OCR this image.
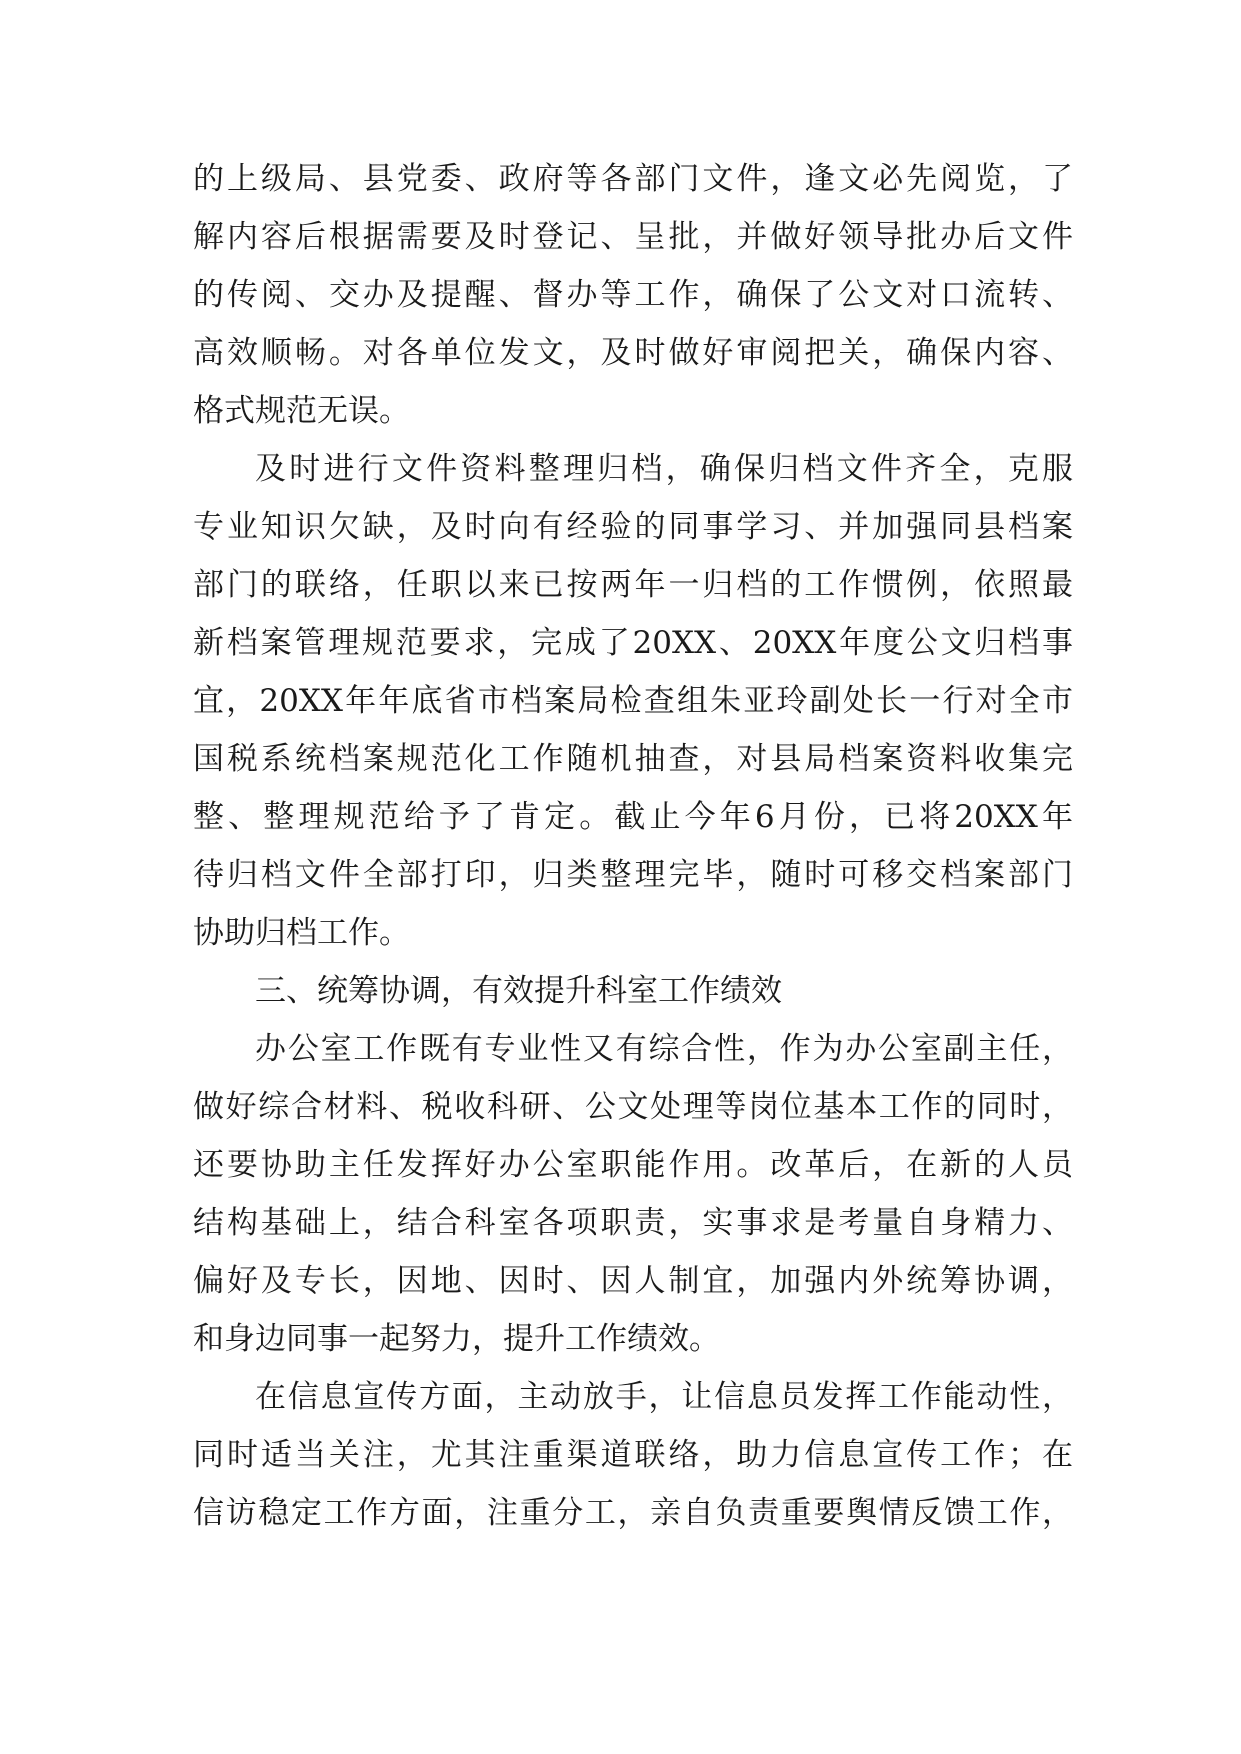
的上级局、县党委、政府等各部门文件，逢文必先阅览，了
解内容后根据需要及时登记、呈批，并做好领导批办后文件
的传阅、交办及提醒、督办等工作，确保了公文对口流转、
高效顺畅。对各单位发文，及时做好审阅把关，确保内容、
格式规范无误。
及时进行文件资料整理归档，确保归档文件齐全，克服
专业知识欠缺，及时向有经验的同事学习、并加强同县档案
部门的联络，任职以来已按两年一归档的工作惯例，依照最
新档案管理规范要求，完成了20XX、20XX年度公文归档事
宜，20XX年年底省市档案局检查组朱亚玲副处长一行对全市
国税系统档案规范化工作随机抽查，对县局档案资料收集完
整、整理规范给予了肯定。截止今年6月份，已将20XX年
待归档文件全部打印，归类整理完毕，随时可移交档案部门
协助归档工作。
三、统筹协调，有效提升科室工作绩效
办公室工作既有专业性又有综合性，作为办公室副主任，
做好综合材料、税收科研、公文处理等岗位基本工作的同时，
还要协助主任发挥好办公室职能作用。改革后，在新的人员
结构基础上，结合科室各项职责，实事求是考量自身精力、
偏好及专长，因地、因时、因人制宜，加强内外统筹协调，
和身边同事一起努力，提升工作绩效。
在信息宣传方面，主动放手，让信息员发挥工作能动性，
同时适当关注，尤其注重渠道联络，助力信息宣传工作；在
信访稳定工作方面，注重分工，亲自负责重要舆情反馈工作，
